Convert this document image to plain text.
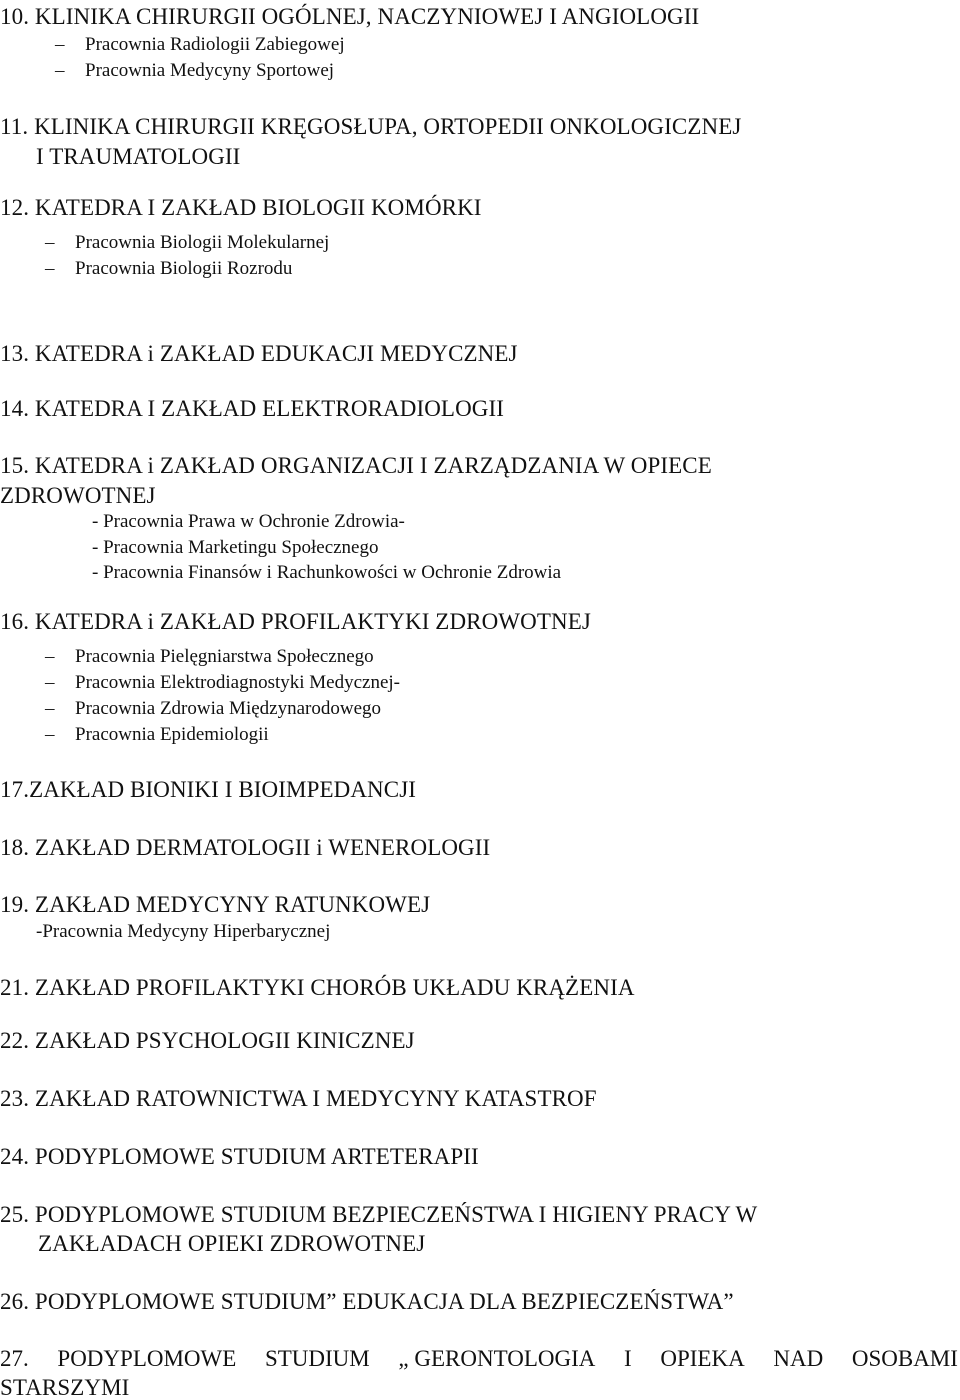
10. KLINIKA CHIRURGII OGÓLNEJ, NACZYNIOWEJ I ANGIOLOGII
– Pracownia Radiologii Zabiegowej
– Pracownia Medycyny Sportowej
11. KLINIKA CHIRURGII KRĘGOSŁUPA, ORTOPEDII ONKOLOGICZNEJ
I TRAUMATOLOGII
12. KATEDRA I ZAKŁAD BIOLOGII KOMÓRKI
– Pracownia Biologii Molekularnej
– Pracownia Biologii Rozrodu
13. KATEDRA i ZAKŁAD EDUKACJI MEDYCZNEJ
14. KATEDRA I ZAKŁAD ELEKTRORADIOLOGII
15. KATEDRA i ZAKŁAD ORGANIZACJI I ZARZĄDZANIA W OPIECE
ZDROWOTNEJ
- Pracownia Prawa w Ochronie Zdrowia-
- Pracownia Marketingu Społecznego
- Pracownia Finansów i Rachunkowości w Ochronie Zdrowia
16. KATEDRA i ZAKŁAD PROFILAKTYKI ZDROWOTNEJ
– Pracownia Pielęgniarstwa Społecznego
– Pracownia Elektrodiagnostyki Medycznej-
– Pracownia Zdrowia Międzynarodowego
– Pracownia Epidemiologii
17.ZAKŁAD BIONIKI I BIOIMPEDANCJI
18. ZAKŁAD DERMATOLOGII i WENEROLOGII
19. ZAKŁAD MEDYCYNY RATUNKOWEJ
-Pracownia Medycyny Hiperbarycznej
21. ZAKŁAD PROFILAKTYKI CHORÓB UKŁADU KRĄŻENIA
22. ZAKŁAD PSYCHOLOGII KINICZNEJ
23. ZAKŁAD RATOWNICTWA I MEDYCYNY KATASTROF
24. PODYPLOMOWE STUDIUM ARTETERAPII
25. PODYPLOMOWE STUDIUM BEZPIECZEŃSTWA I HIGIENY PRACY W
ZAKŁADACH OPIEKI ZDROWOTNEJ
26. PODYPLOMOWE STUDIUM” EDUKACJA DLA BEZPIECZEŃSTWA”
27. PODYPLOMOWE STUDIUM „ GERONTOLOGIA I OPIEKA NAD OSOBAMI
STARSZYMI
